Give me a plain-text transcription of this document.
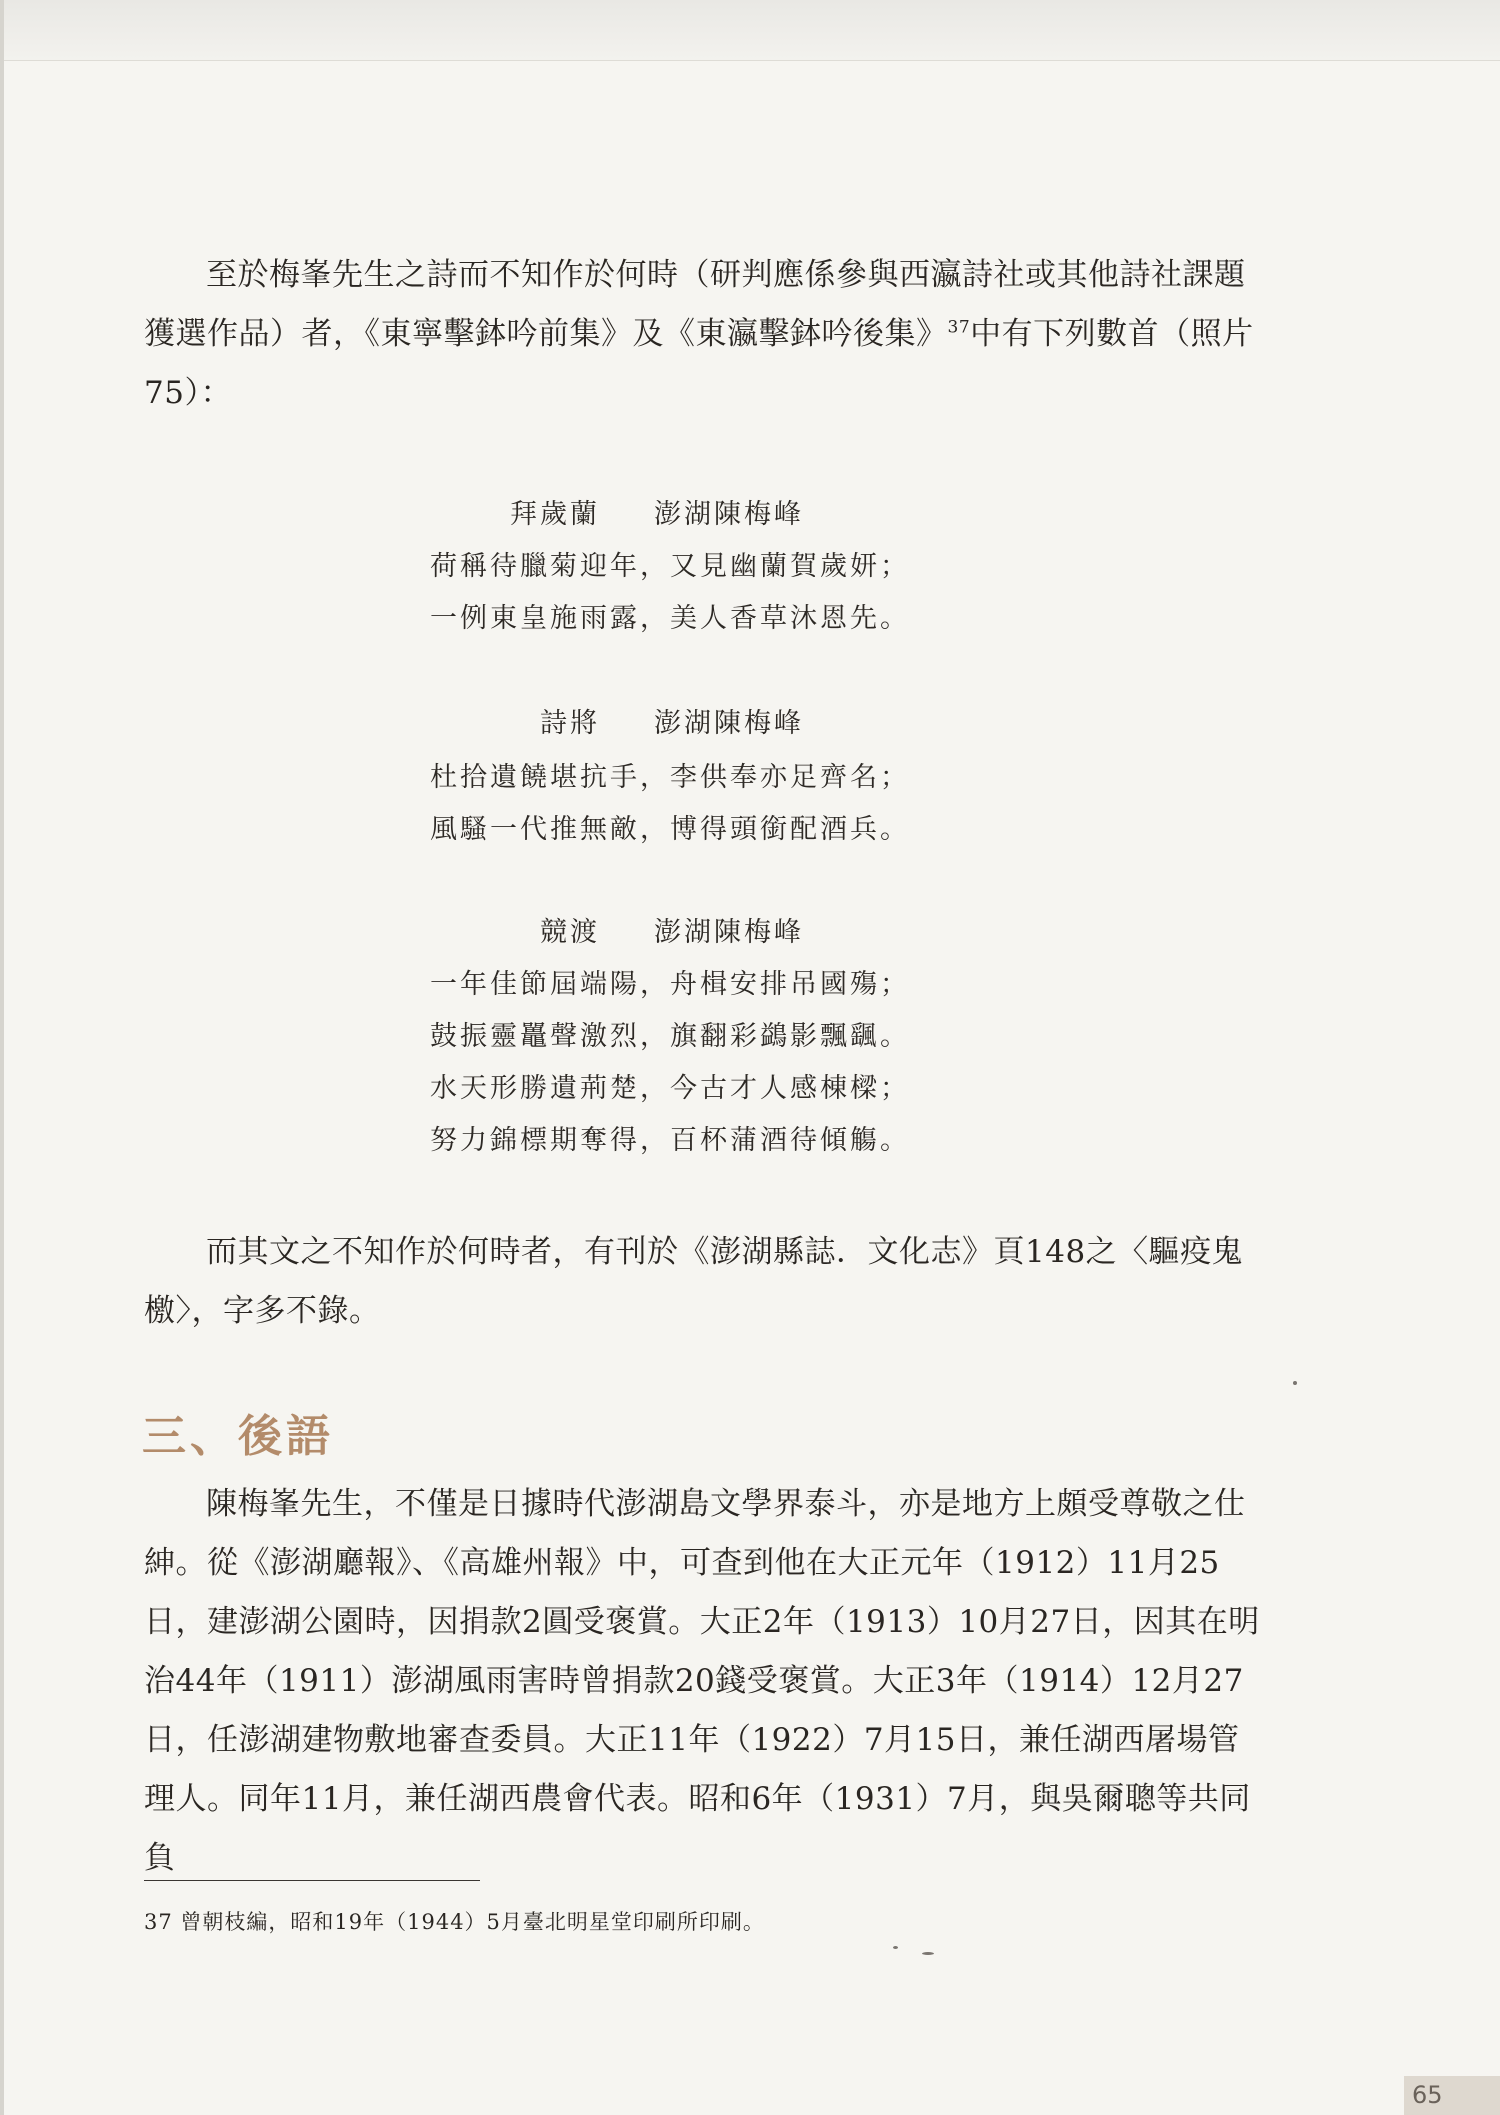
至於梅峯先生之詩而不知作於何時（研判應係參與西瀛詩社或其他詩社課題獲選作品）者，《東寧擊鉢吟前集》及《東瀛擊鉢吟後集》$^{37}$中有下列數首（照片75）：

拜歲蘭 澎湖陳梅峰
荷稱待臘菊迎年，又見幽蘭賀歲妍；
一例東皇施雨露，美人香草沐恩先。
詩將 澎湖陳梅峰
杜拾遺饒堪抗手，李供奉亦足齊名；
風騷一代推無敵，博得頭銜配酒兵。
競渡 澎湖陳梅峰
一年佳節屆端陽，舟楫安排吊國殤；
鼓振靈鼉聲激烈，旗翻彩鷁影飄颻。
水天形勝遺荊楚，今古才人感棟樑；
努力錦標期奪得，百杯蒲酒待傾觴。

而其文之不知作於何時者，有刊於《澎湖縣誌．文化志》頁148之〈驅疫鬼檄〉，字多不錄。

三、後語

陳梅峯先生，不僅是日據時代澎湖島文學界泰斗，亦是地方上頗受尊敬之仕紳。從《澎湖廳報》、《高雄州報》中，可查到他在大正元年（1912）11月25日，建澎湖公園時，因捐款2圓受褒賞。大正2年（1913）10月27日，因其在明治44年（1911）澎湖風雨害時曾捐款20錢受褒賞。大正3年（1914）12月27日，任澎湖建物敷地審查委員。大正11年（1922）7月15日，兼任湖西屠場管理人。同年11月，兼任湖西農會代表。昭和6年（1931）7月，與吳爾聰等共同負

37 曾朝枝編，昭和19年（1944）5月臺北明星堂印刷所印刷。
65
